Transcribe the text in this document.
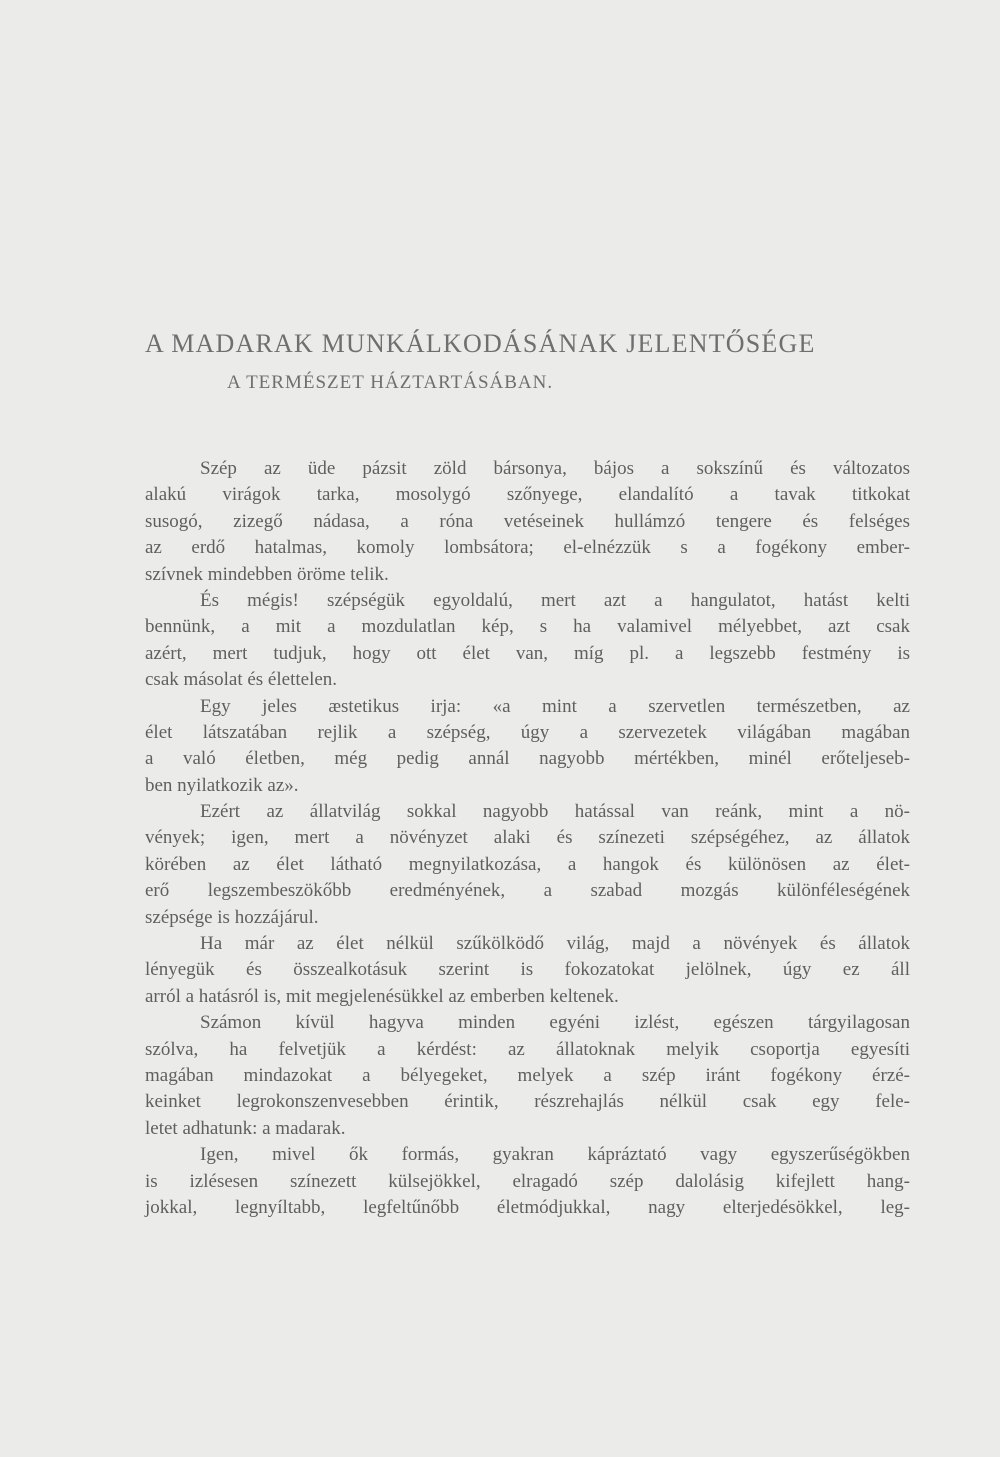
A MADARAK MUNKÁLKODÁSÁNAK JELENTŐSÉGE
A TERMÉSZET HÁZTARTÁSÁBAN.
Szép az üde pázsit zöld bársonya, bájos a sokszínű és változatos
alakú virágok tarka, mosolygó szőnyege, elandalító a tavak titkokat
susogó, zizegő nádasa, a róna vetéseinek hullámzó tengere és felséges
az erdő hatalmas, komoly lombsátora; el-elnézzük s a fogékony ember-
szívnek mindebben öröme telik.
És mégis! szépségük egyoldalú, mert azt a hangulatot, hatást kelti
bennünk, a mit a mozdulatlan kép, s ha valamivel mélyebbet, azt csak
azért, mert tudjuk, hogy ott élet van, míg pl. a legszebb festmény is
csak másolat és élettelen.
Egy jeles æstetikus irja: «a mint a szervetlen természetben, az
élet látszatában rejlik a szépség, úgy a szervezetek világában magában
a való életben, még pedig annál nagyobb mértékben, minél erőteljeseb-
ben nyilatkozik az».
Ezért az állatvilág sokkal nagyobb hatással van reánk, mint a nö-
vények; igen, mert a növényzet alaki és színezeti szépségéhez, az állatok
körében az élet látható megnyilatkozása, a hangok és különösen az élet-
erő legszembeszökőbb eredményének, a szabad mozgás különféleségének
szépsége is hozzájárul.
Ha már az élet nélkül szűkölködő világ, majd a növények és állatok
lényegük és összealkotásuk szerint is fokozatokat jelölnek, úgy ez áll
arról a hatásról is, mit megjelenésükkel az emberben keltenek.
Számon kívül hagyva minden egyéni izlést, egészen tárgyilagosan
szólva, ha felvetjük a kérdést: az állatoknak melyik csoportja egyesíti
magában mindazokat a bélyegeket, melyek a szép iránt fogékony érzé-
keinket legrokonszenvesebben érintik, részrehajlás nélkül csak egy fele-
letet adhatunk: a madarak.
Igen, mivel ők formás, gyakran kápráztató vagy egyszerűségökben
is izlésesen színezett külsejökkel, elragadó szép dalolásig kifejlett hang-
jokkal, legnyíltabb, legfeltűnőbb életmódjukkal, nagy elterjedésökkel, leg-
